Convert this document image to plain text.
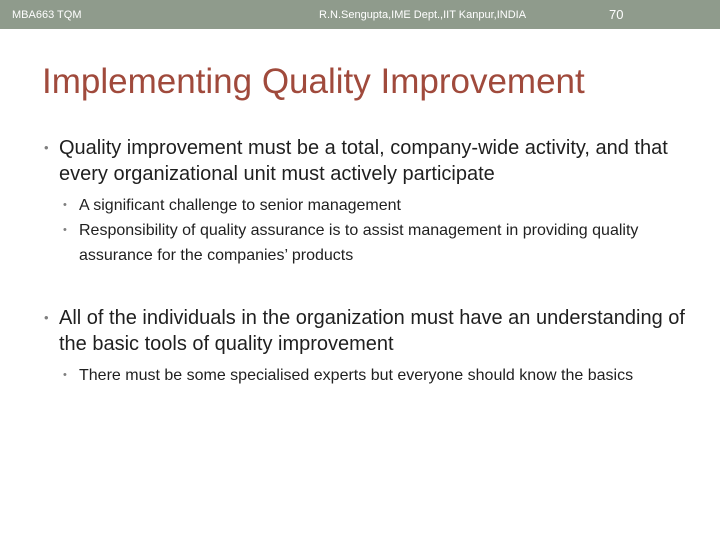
MBA663 TQM	R.N.Sengupta,IME Dept.,IIT Kanpur,INDIA	70
Implementing Quality Improvement
• Quality improvement must be a total, company-wide activity, and that every organizational unit must actively participate
• A significant challenge to senior management
• Responsibility of quality assurance is to assist management in providing quality assurance for the companies’ products
• All of the individuals in the organization must have an understanding of the basic tools of quality improvement
• There must be some specialised experts but everyone should know the basics
